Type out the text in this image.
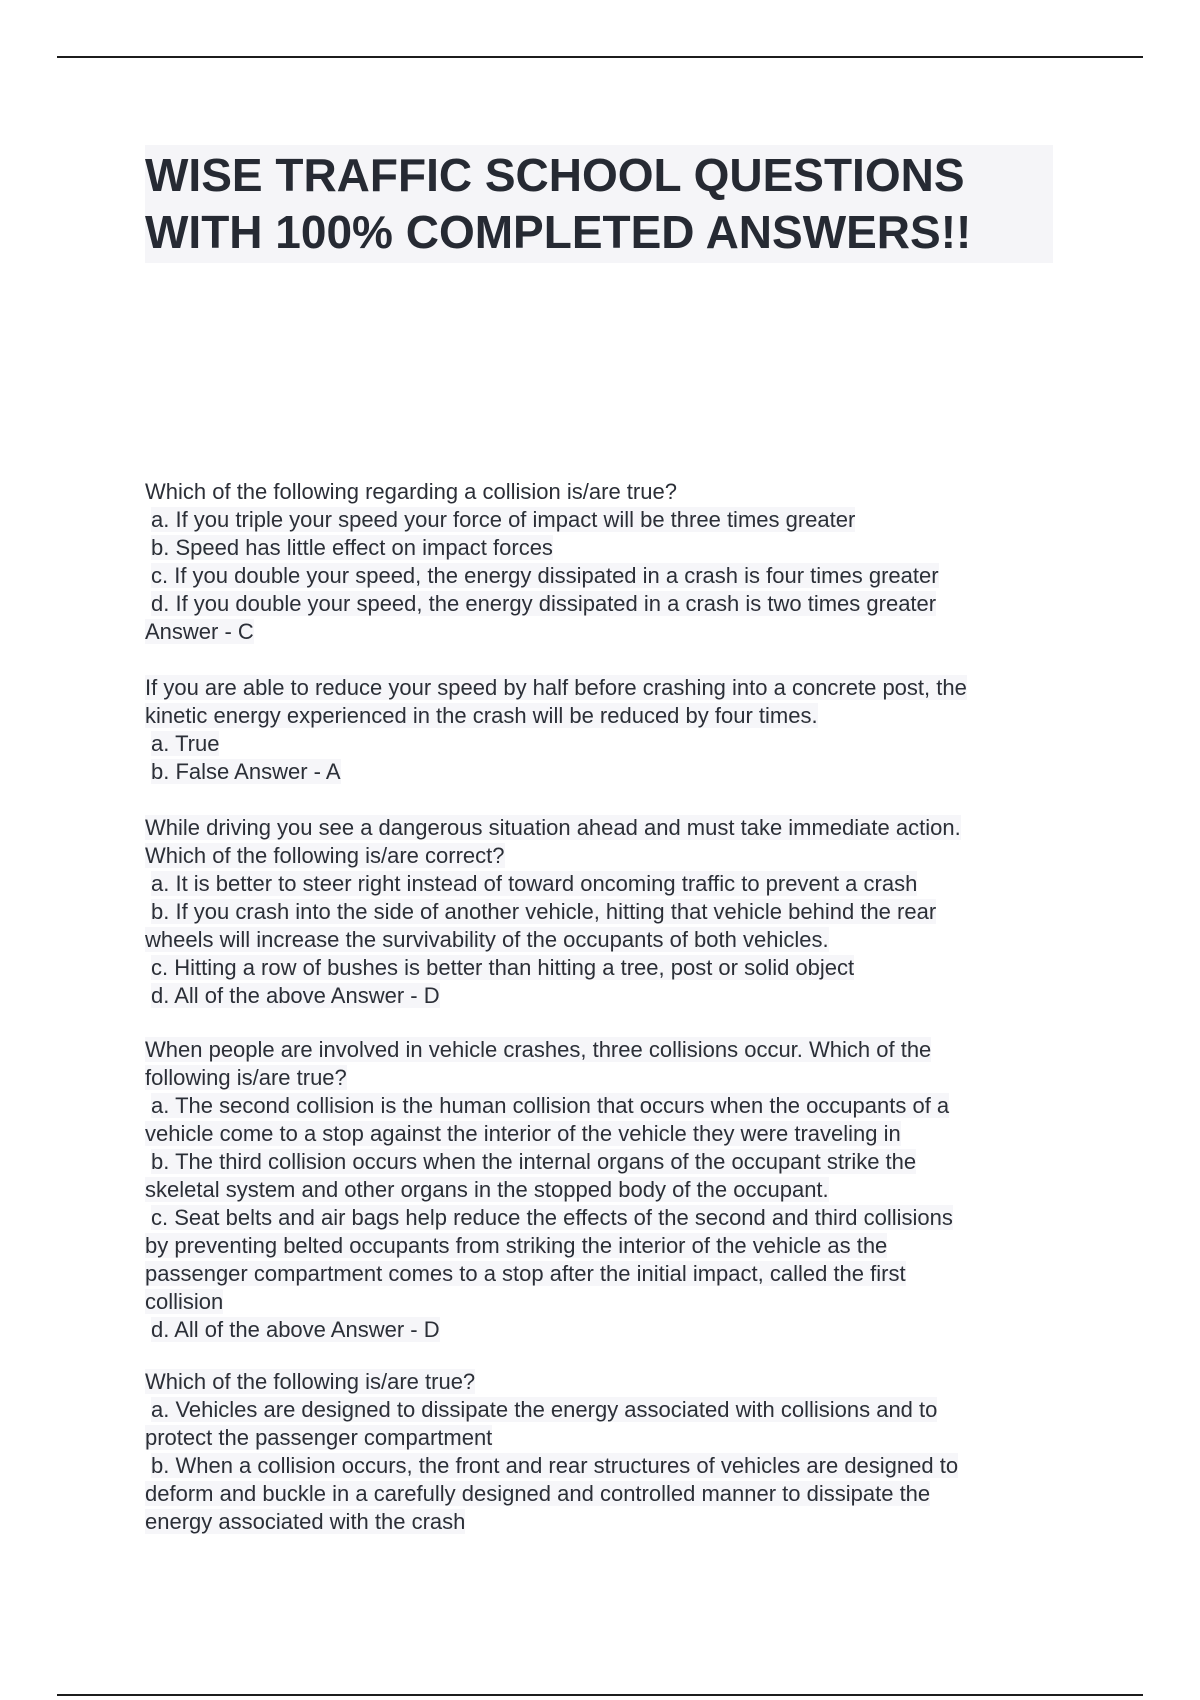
WISE TRAFFIC SCHOOL QUESTIONS
WITH 100% COMPLETED ANSWERS!!
Which of the following regarding a collision is/are true?
a. If you triple your speed your force of impact will be three times greater
b. Speed has little effect on impact forces
c. If you double your speed, the energy dissipated in a crash is four times greater
d. If you double your speed, the energy dissipated in a crash is two times greater
Answer - C
If you are able to reduce your speed by half before crashing into a concrete post, the
kinetic energy experienced in the crash will be reduced by four times.
a. True
b. False Answer - A
While driving you see a dangerous situation ahead and must take immediate action.
Which of the following is/are correct?
a. It is better to steer right instead of toward oncoming traffic to prevent a crash
b. If you crash into the side of another vehicle, hitting that vehicle behind the rear
wheels will increase the survivability of the occupants of both vehicles.
c. Hitting a row of bushes is better than hitting a tree, post or solid object
d. All of the above Answer - D
When people are involved in vehicle crashes, three collisions occur. Which of the
following is/are true?
a. The second collision is the human collision that occurs when the occupants of a
vehicle come to a stop against the interior of the vehicle they were traveling in
b. The third collision occurs when the internal organs of the occupant strike the
skeletal system and other organs in the stopped body of the occupant.
c. Seat belts and air bags help reduce the effects of the second and third collisions
by preventing belted occupants from striking the interior of the vehicle as the
passenger compartment comes to a stop after the initial impact, called the first
collision
d. All of the above Answer - D
Which of the following is/are true?
a. Vehicles are designed to dissipate the energy associated with collisions and to
protect the passenger compartment
b. When a collision occurs, the front and rear structures of vehicles are designed to
deform and buckle in a carefully designed and controlled manner to dissipate the
energy associated with the crash
